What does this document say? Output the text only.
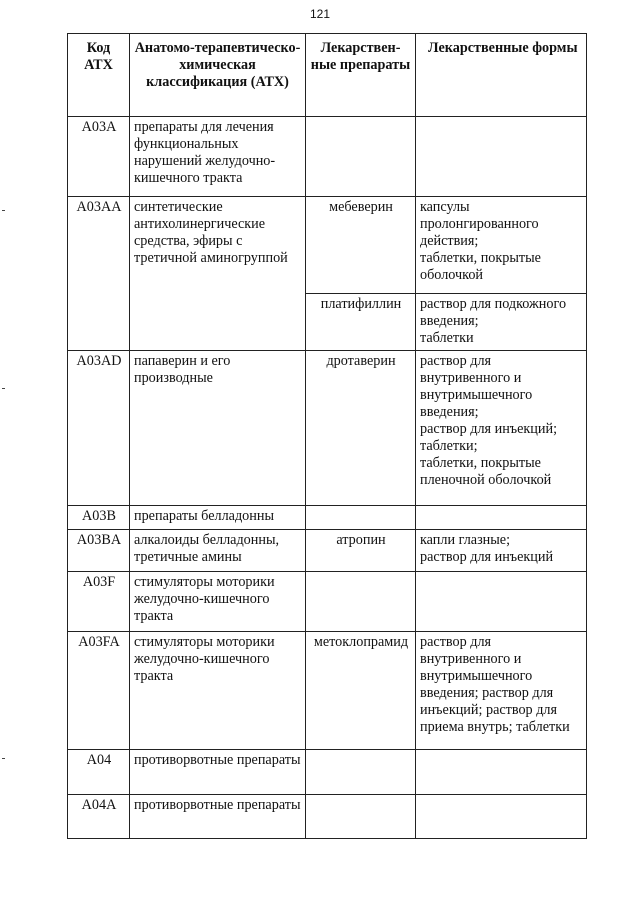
121
Код АТХ	Анатомо-терапевтическо-химическая классификация (АТХ)	Лекарствен-ные препараты	Лекарственные формы
A03A	препараты для лечения функциональных нарушений желудочно-кишечного тракта		
A03AA	синтетические антихолинергические средства, эфиры с третичной аминогруппой	мебеверин	капсулы пролонгированного действия;
таблетки, покрытые оболочкой

		платифиллин	раствор для подкожного введения;
таблетки

A03AD	папаверин и его производные	дротаверин	раствор для внутривенного и внутримышечного введения;
раствор для инъекций;
таблетки;
таблетки, покрытые пленочной оболочкой

A03B	препараты белладонны		
A03BA	алкалоиды белладонны, третичные амины	атропин	капли глазные;
раствор для инъекций

A03F	стимуляторы моторики желудочно-кишечного тракта		
A03FA	стимуляторы моторики желудочно-кишечного тракта	метоклопрамид	раствор для внутривенного и внутримышечного введения; раствор для инъекций; раствор для приема внутрь; таблетки

A04	противорвотные препараты		
A04A	противорвотные препараты		
